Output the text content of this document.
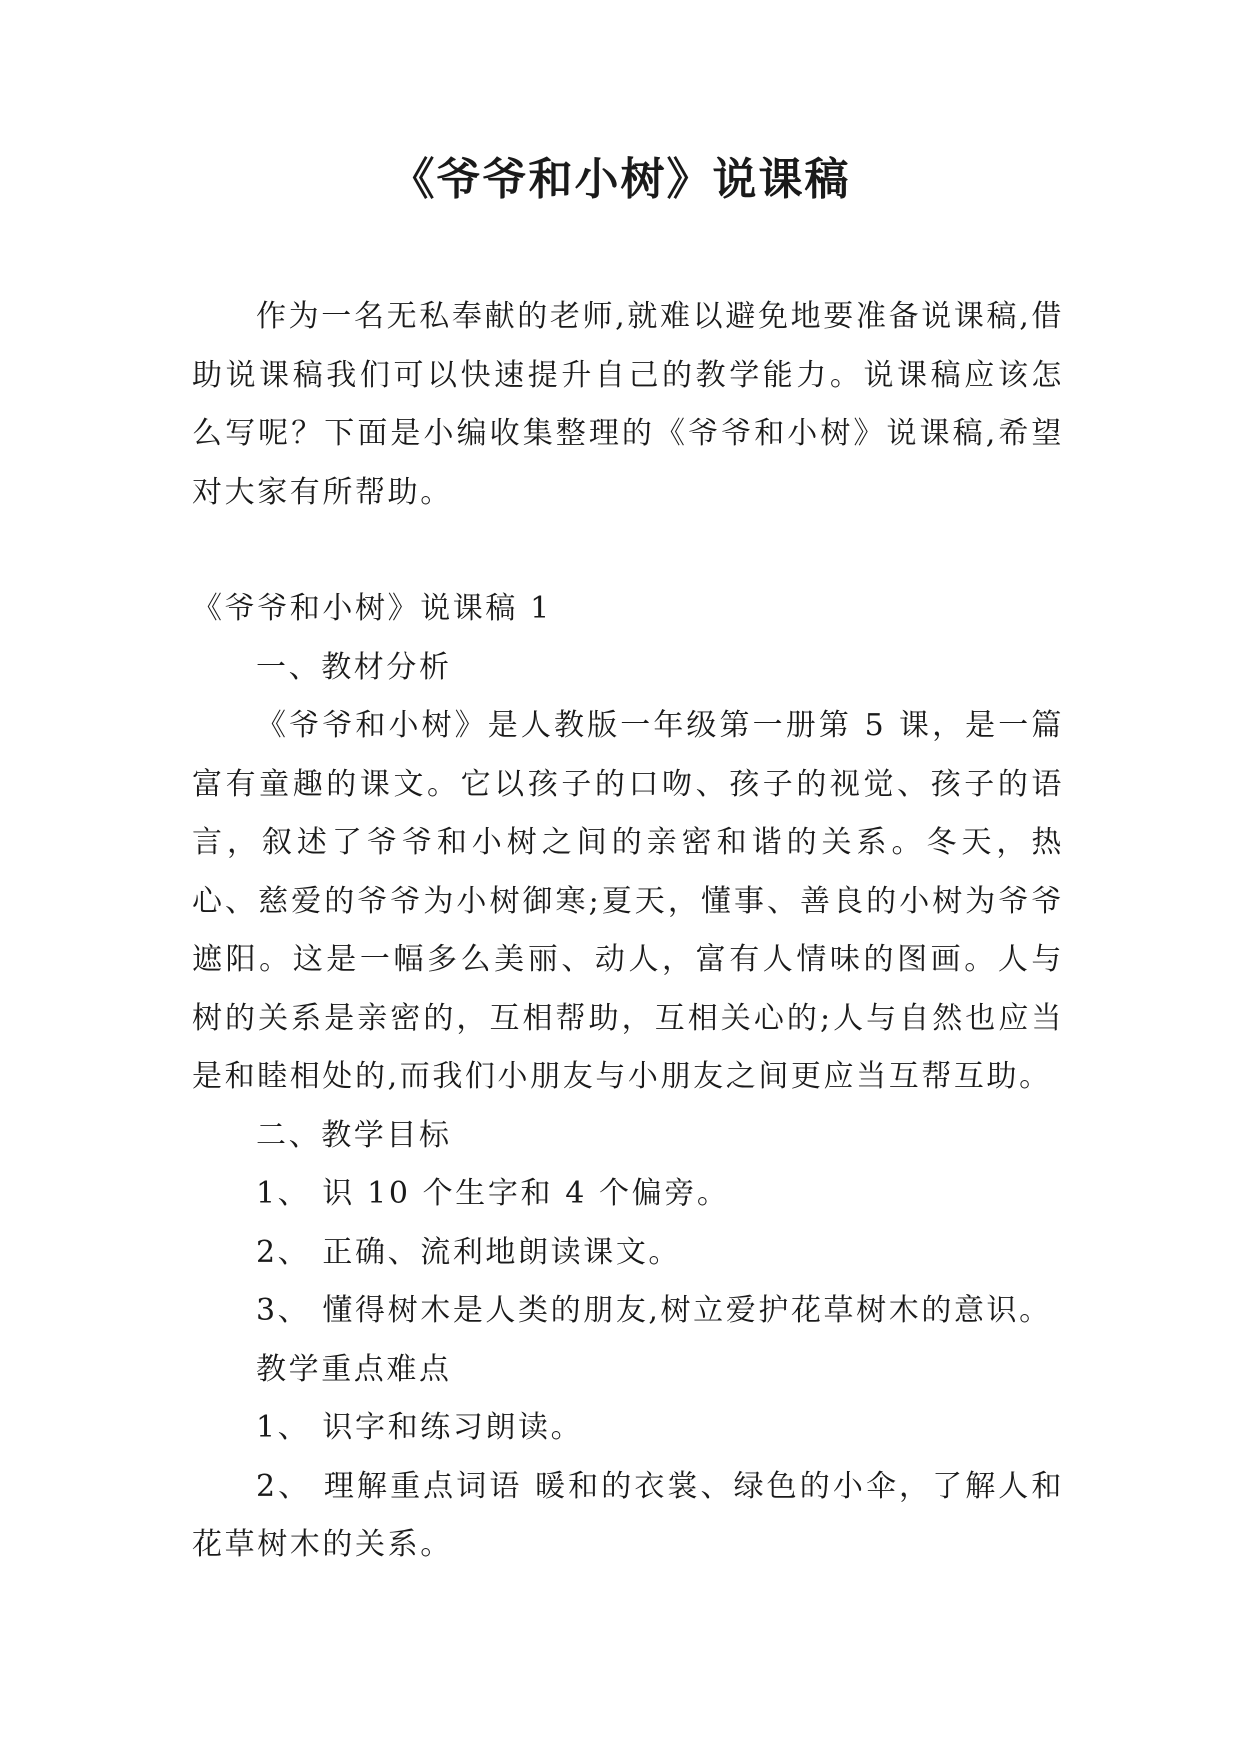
《爷爷和小树》说课稿

作为一名无私奉献的老师,就难以避免地要准备说课稿,借助说课稿我们可以快速提升自己的教学能力。说课稿应该怎么写呢？下面是小编收集整理的《爷爷和小树》说课稿,希望对大家有所帮助。

《爷爷和小树》说课稿 1

一、教材分析

《爷爷和小树》是人教版一年级第一册第 5 课，是一篇富有童趣的课文。它以孩子的口吻、孩子的视觉、孩子的语言，叙述了爷爷和小树之间的亲密和谐的关系。冬天，热心、慈爱的爷爷为小树御寒;夏天，懂事、善良的小树为爷爷遮阳。这是一幅多么美丽、动人，富有人情味的图画。人与树的关系是亲密的，互相帮助，互相关心的;人与自然也应当是和睦相处的,而我们小朋友与小朋友之间更应当互帮互助。

二、教学目标

1、 识 10 个生字和 4 个偏旁。

2、 正确、流利地朗读课文。

3、 懂得树木是人类的朋友,树立爱护花草树木的意识。

教学重点难点

1、 识字和练习朗读。

2、 理解重点词语 暖和的衣裳、绿色的小伞，了解人和花草树木的关系。
